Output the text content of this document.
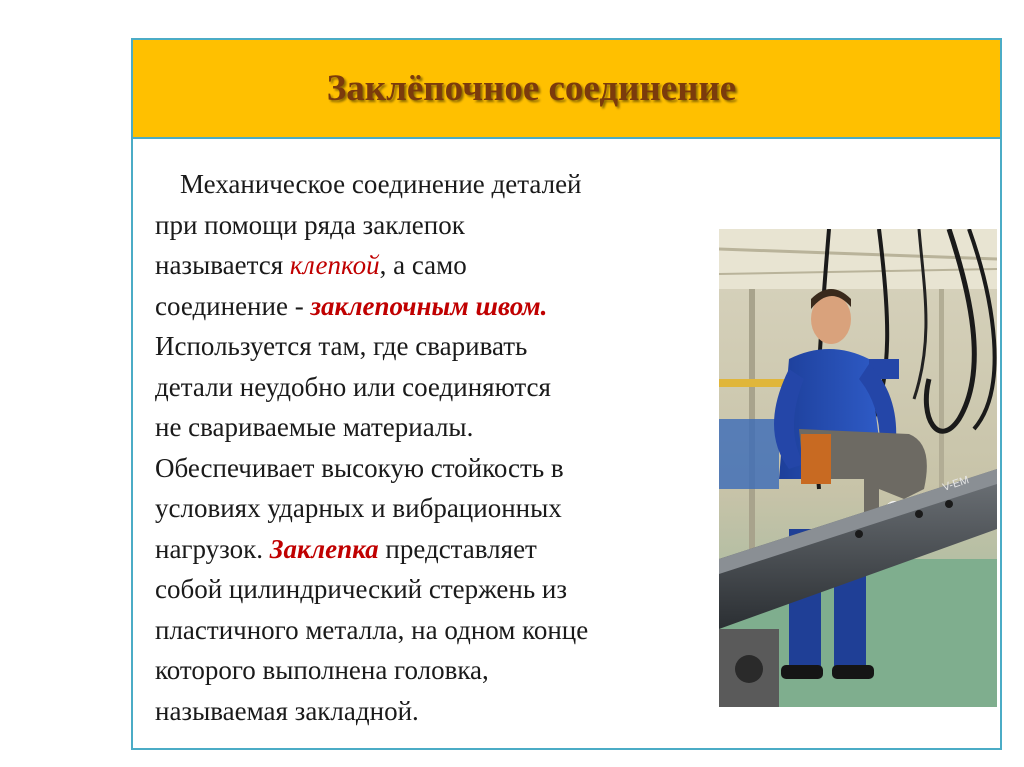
Заклёпочное соединение
Механическое соединение деталей
при помощи ряда заклепок
называется клепкой, а само
соединение - заклепочным швом.
Используется там, где сваривать
детали неудобно или соединяются
не свариваемые материалы.
Обеспечивает высокую стойкость в
условиях ударных и вибрационных
нагрузок. Заклепка представляет
собой цилиндрический стержень из
пластичного металла, на одном конце
которого выполнена головка,
называемая закладной.
V-EM
